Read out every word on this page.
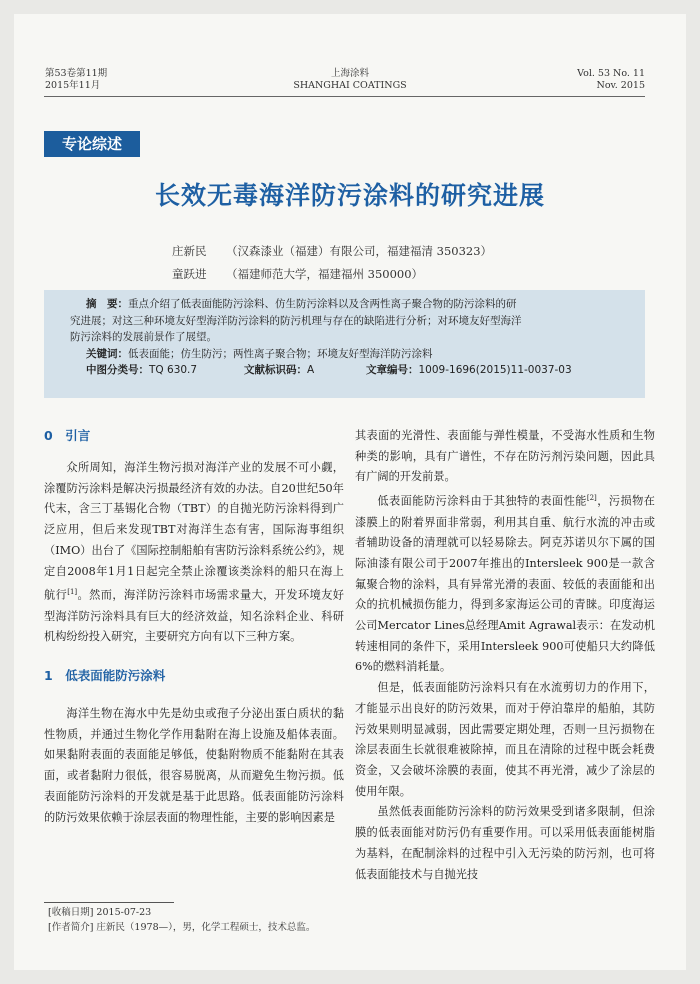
第53卷第11期
2015年11月
上海涂料
SHANGHAI COATINGS
Vol. 53 No. 11
Nov. 2015
专论综述
长效无毒海洋防污涂料的研究进展
庄新民 （汉森漆业（福建）有限公司，福建福清 350323）
童跃进 （福建师范大学，福建福州 350000）
摘　要：重点介绍了低表面能防污涂料、仿生防污涂料以及含两性离子聚合物的防污涂料的研
究进展；对这三种环境友好型海洋防污涂料的防污机理与存在的缺陷进行分析；对环境友好型海洋
防污涂料的发展前景作了展望。
关键词：低表面能；仿生防污；两性离子聚合物；环境友好型海洋防污涂料
中图分类号：TQ 630.7	文献标识码：A	文章编号：1009-1696(2015)11-0037-03
0　引言

众所周知，海洋生物污损对海洋产业的发展不可小觑，涂覆防污涂料是解决污损最经济有效的办法。自20世纪50年代末，含三丁基锡化合物（TBT）的自抛光防污涂料得到广泛应用，但后来发现TBT对海洋生态有害，国际海事组织（IMO）出台了《国际控制船舶有害防污涂料系统公约》，规定自2008年1月1日起完全禁止涂覆该类涂料的船只在海上航行[1]。然而，海洋防污涂料市场需求量大，开发环境友好型海洋防污涂料具有巨大的经济效益，知名涂料企业、科研机构纷纷投入研究，主要研究方向有以下三种方案。

1　低表面能防污涂料

海洋生物在海水中先是幼虫或孢子分泌出蛋白质状的黏性物质，并通过生物化学作用黏附在海上设施及船体表面。如果黏附表面的表面能足够低，使黏附物质不能黏附在其表面，或者黏附力很低，很容易脱离，从而避免生物污损。低表面能防污涂料的开发就是基于此思路。低表面能防污涂料的防污效果依赖于涂层表面的物理性能，主要的影响因素是

其表面的光滑性、表面能与弹性模量，不受海水性质和生物种类的影响，具有广谱性，不存在防污剂污染问题，因此具有广阔的开发前景。

低表面能防污涂料由于其独特的表面性能[2]，污损物在漆膜上的附着界面非常弱，利用其自重、航行水流的冲击或者辅助设备的清理就可以轻易除去。阿克苏诺贝尔下属的国际油漆有限公司于2007年推出的Intersleek 900是一款含氟聚合物的涂料，具有异常光滑的表面、较低的表面能和出众的抗机械损伤能力，得到多家海运公司的青睐。印度海运公司Mercator Lines总经理Amit Agrawal表示：在发动机转速相同的条件下，采用Intersleek 900可使船只大约降低6%的燃料消耗量。

但是，低表面能防污涂料只有在水流剪切力的作用下，才能显示出良好的防污效果，而对于停泊靠岸的船舶，其防污效果则明显减弱，因此需要定期处理，否则一旦污损物在涂层表面生长就很难被除掉，而且在清除的过程中既会耗费资金，又会破坏涂膜的表面，使其不再光滑，减少了涂层的使用年限。

虽然低表面能防污涂料的防污效果受到诸多限制，但涂膜的低表面能对防污仍有重要作用。可以采用低表面能树脂为基料，在配制涂料的过程中引入无污染的防污剂，也可将低表面能技术与自抛光技

[收稿日期] 2015-07-23
[作者简介] 庄新民（1978—），男，化学工程硕士，技术总监。
